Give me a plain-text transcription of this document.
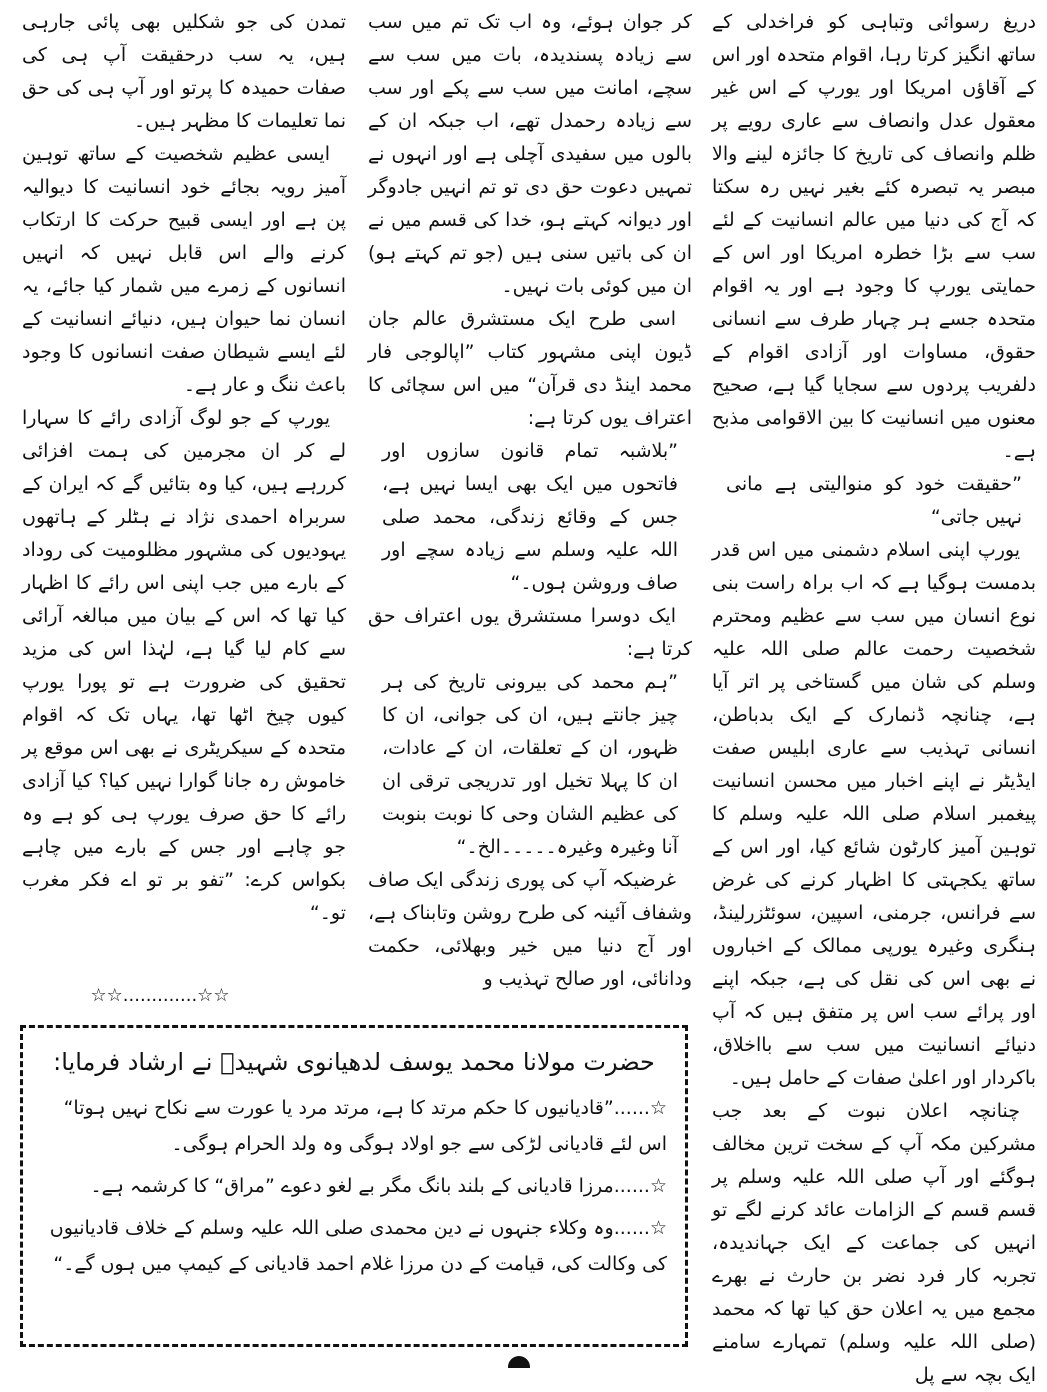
دریغ رسوائی وتباہی کو فراخدلی کے ساتھ انگیز کرتا رہا، اقوام متحدہ اور اس کے آقاؤں امریکا اور یورپ کے اس غیر معقول عدل وانصاف سے عاری رویے پر ظلم وانصاف کی تاریخ کا جائزہ لینے والا مبصر یہ تبصرہ کئے بغیر نہیں رہ سکتا کہ آج کی دنیا میں عالم انسانیت کے لئے سب سے بڑا خطرہ امریکا اور اس کے حمایتی یورپ کا وجود ہے اور یہ اقوام متحدہ جسے ہر چہار طرف سے انسانی حقوق، مساوات اور آزادی اقوام کے دلفریب پردوں سے سجایا گیا ہے، صحیح معنوں میں انسانیت کا بین الاقوامی مذبح ہے۔

”حقیقت خود کو منوالیتی ہے مانی نہیں جاتی“

یورپ اپنی اسلام دشمنی میں اس قدر بدمست ہوگیا ہے کہ اب براہ راست بنی نوع انسان میں سب سے عظیم ومحترم شخصیت رحمت عالم صلی اللہ علیہ وسلم کی شان میں گستاخی پر اتر آیا ہے، چنانچہ ڈنمارک کے ایک بدباطن، انسانی تہذیب سے عاری ابلیس صفت ایڈیٹر نے اپنے اخبار میں محسن انسانیت پیغمبر اسلام صلی اللہ علیہ وسلم کا توہین آمیز کارٹون شائع کیا، اور اس کے ساتھ یکجہتی کا اظہار کرنے کی غرض سے فرانس، جرمنی، اسپین، سوئٹزرلینڈ، ہنگری وغیرہ یورپی ممالک کے اخباروں نے بھی اس کی نقل کی ہے، جبکہ اپنے اور پرائے سب اس پر متفق ہیں کہ آپ دنیائے انسانیت میں سب سے بااخلاق، باکردار اور اعلیٰ صفات کے حامل ہیں۔

چنانچہ اعلان نبوت کے بعد جب مشرکین مکہ آپ کے سخت ترین مخالف ہوگئے اور آپ صلی اللہ علیہ وسلم پر قسم قسم کے الزامات عائد کرنے لگے تو انہیں کی جماعت کے ایک جہاندیدہ، تجربہ کار فرد نضر بن حارث نے بھرے مجمع میں یہ اعلان حق کیا تھا کہ محمد (صلی اللہ علیہ وسلم) تمہارے سامنے ایک بچہ سے پل

کر جوان ہوئے، وہ اب تک تم میں سب سے زیادہ پسندیدہ، بات میں سب سے سچے، امانت میں سب سے پکے اور سب سے زیادہ رحمدل تھے، اب جبکہ ان کے بالوں میں سفیدی آچلی ہے اور انہوں نے تمہیں دعوت حق دی تو تم انہیں جادوگر اور دیوانہ کہتے ہو، خدا کی قسم میں نے ان کی باتیں سنی ہیں (جو تم کہتے ہو) ان میں کوئی بات نہیں۔

اسی طرح ایک مستشرق عالم جان ڈیون اپنی مشہور کتاب ”اپالوجی فار محمد اینڈ دی قرآن“ میں اس سچائی کا اعتراف یوں کرتا ہے:

”بلاشبہ تمام قانون سازوں اور فاتحوں میں ایک بھی ایسا نہیں ہے، جس کے وقائع زندگی، محمد صلی اللہ علیہ وسلم سے زیادہ سچے اور صاف وروشن ہوں۔“

ایک دوسرا مستشرق یوں اعتراف حق کرتا ہے:

”ہم محمد کی بیرونی تاریخ کی ہر چیز جانتے ہیں، ان کی جوانی، ان کا ظہور، ان کے تعلقات، ان کے عادات، ان کا پہلا تخیل اور تدریجی ترقی ان کی عظیم الشان وحی کا نوبت بنوبت آنا وغیرہ وغیرہ۔۔۔۔۔الخ۔“

غرضیکہ آپ کی پوری زندگی ایک صاف وشفاف آئینہ کی طرح روشن وتابناک ہے، اور آج دنیا میں خیر وبھلائی، حکمت ودانائی، اور صالح تہذیب و

تمدن کی جو شکلیں بھی پائی جارہی ہیں، یہ سب درحقیقت آپ ہی کی صفات حمیدہ کا پرتو اور آپ ہی کی حق نما تعلیمات کا مظہر ہیں۔

ایسی عظیم شخصیت کے ساتھ توہین آمیز رویہ بجائے خود انسانیت کا دیوالیہ پن ہے اور ایسی قبیح حرکت کا ارتکاب کرنے والے اس قابل نہیں کہ انہیں انسانوں کے زمرے میں شمار کیا جائے، یہ انسان نما حیوان ہیں، دنیائے انسانیت کے لئے ایسے شیطان صفت انسانوں کا وجود باعث ننگ و عار ہے۔

یورپ کے جو لوگ آزادی رائے کا سہارا لے کر ان مجرمین کی ہمت افزائی کررہے ہیں، کیا وہ بتائیں گے کہ ایران کے سربراہ احمدی نژاد نے ہٹلر کے ہاتھوں یہودیوں کی مشہور مظلومیت کی روداد کے بارے میں جب اپنی اس رائے کا اظہار کیا تھا کہ اس کے بیان میں مبالغہ آرائی سے کام لیا گیا ہے، لہٰذا اس کی مزید تحقیق کی ضرورت ہے تو پورا یورپ کیوں چیخ اٹھا تھا، یہاں تک کہ اقوام متحدہ کے سیکریٹری نے بھی اس موقع پر خاموش رہ جانا گوارا نہیں کیا؟ کیا آزادی رائے کا حق صرف یورپ ہی کو ہے وہ جو چاہے اور جس کے بارے میں چاہے بکواس کرے: ”تفو بر تو اے فکر مغرب تو۔“

☆☆.............☆☆
حضرت مولانا محمد یوسف لدھیانوی شہیدؒ نے ارشاد فرمایا:
☆......”قادیانیوں کا حکم مرتد کا ہے، مرتد مرد یا عورت سے نکاح نہیں ہوتا“ اس لئے قادیانی لڑکی سے جو اولاد ہوگی وہ ولد الحرام ہوگی۔
☆......مرزا قادیانی کے بلند بانگ مگر بے لغو دعوے ”مراق“ کا کرشمہ ہے۔
☆......وہ وکلاء جنہوں نے دین محمدی صلی اللہ علیہ وسلم کے خلاف قادیانیوں کی وکالت کی، قیامت کے دن مرزا غلام احمد قادیانی کے کیمپ میں ہوں گے۔“
